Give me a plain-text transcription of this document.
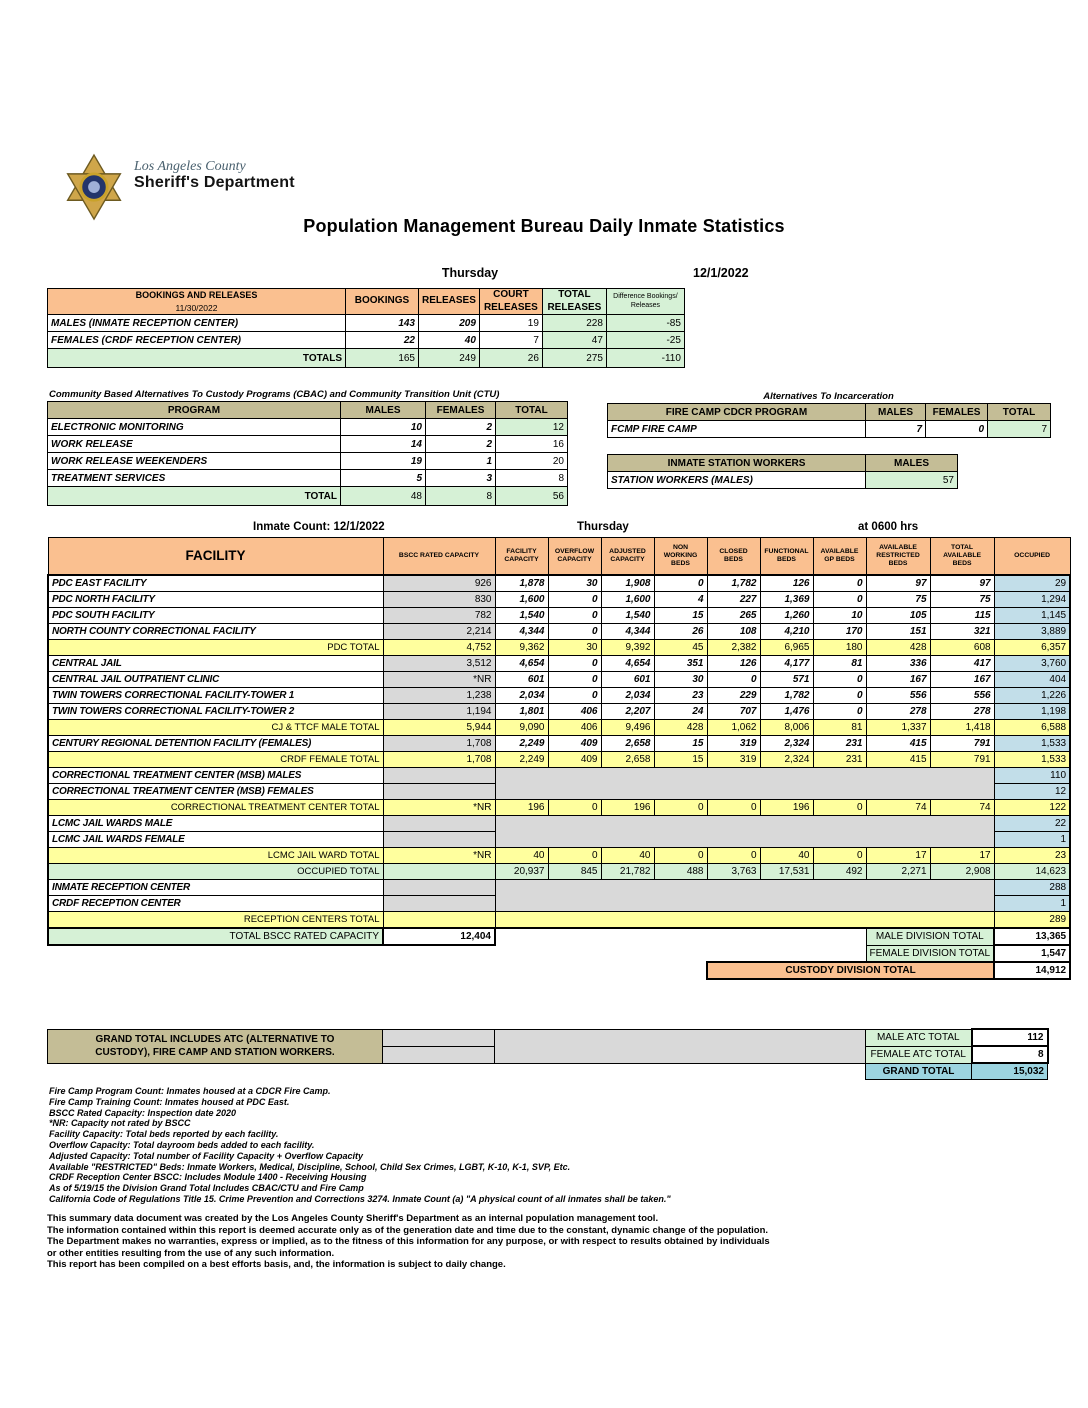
Los Angeles County
Sheriff's Department
Population Management Bureau Daily Inmate Statistics
Thursday	12/1/2022
BOOKINGS AND RELEASES
11/30/2022	BOOKINGS	RELEASES	COURT RELEASES	TOTAL RELEASES	Difference Bookings/ Releases
MALES (INMATE RECEPTION CENTER)	143	209	19	228	-85
FEMALES (CRDF RECEPTION CENTER)	22	40	7	47	-25
TOTALS	165	249	26	275	-110
Community Based Alternatives To Custody Programs (CBAC) and Community Transition Unit (CTU)
PROGRAM	MALES	FEMALES	TOTAL
ELECTRONIC MONITORING	10	2	12
WORK RELEASE	14	2	16
WORK RELEASE WEEKENDERS	19	1	20
TREATMENT SERVICES	5	3	8
TOTAL	48	8	56
Alternatives To Incarceration
FIRE CAMP CDCR PROGRAM	MALES	FEMALES	TOTAL
FCMP FIRE CAMP	7	0	7
INMATE STATION WORKERS	MALES
STATION WORKERS (MALES)	57
Inmate Count: 12/1/2022	Thursday	at 0600 hrs
FACILITY	BSCC RATED CAPACITY	FACILITY CAPACITY	OVERFLOW CAPACITY	ADJUSTED CAPACITY	NON WORKING BEDS	CLOSED BEDS	FUNCTIONAL BEDS	AVAILABLE GP BEDS	AVAILABLE RESTRICTED BEDS	TOTAL AVAILABLE BEDS	OCCUPIED
PDC EAST FACILITY	926	1,878	30	1,908	0	1,782	126	0	97	97	29
PDC NORTH FACILITY	830	1,600	0	1,600	4	227	1,369	0	75	75	1,294
PDC SOUTH FACILITY	782	1,540	0	1,540	15	265	1,260	10	105	115	1,145
NORTH COUNTY CORRECTIONAL FACILITY	2,214	4,344	0	4,344	26	108	4,210	170	151	321	3,889
PDC TOTAL	4,752	9,362	30	9,392	45	2,382	6,965	180	428	608	6,357
CENTRAL JAIL	3,512	4,654	0	4,654	351	126	4,177	81	336	417	3,760
CENTRAL JAIL OUTPATIENT CLINIC	*NR	601	0	601	30	0	571	0	167	167	404
TWIN TOWERS CORRECTIONAL FACILITY-TOWER 1	1,238	2,034	0	2,034	23	229	1,782	0	556	556	1,226
TWIN TOWERS CORRECTIONAL FACILITY-TOWER 2	1,194	1,801	406	2,207	24	707	1,476	0	278	278	1,198
CJ & TTCF MALE TOTAL	5,944	9,090	406	9,496	428	1,062	8,006	81	1,337	1,418	6,588
CENTURY REGIONAL DETENTION FACILITY (FEMALES)	1,708	2,249	409	2,658	15	319	2,324	231	415	791	1,533
CRDF FEMALE TOTAL	1,708	2,249	409	2,658	15	319	2,324	231	415	791	1,533
CORRECTIONAL TREATMENT CENTER (MSB) MALES											110
CORRECTIONAL TREATMENT CENTER (MSB) FEMALES											12
CORRECTIONAL TREATMENT CENTER TOTAL	*NR	196	0	196	0	0	196	0	74	74	122
LCMC JAIL WARDS MALE											22
LCMC JAIL WARDS FEMALE											1
LCMC JAIL WARD TOTAL	*NR	40	0	40	0	0	40	0	17	17	23
OCCUPIED TOTAL		20,937	845	21,782	488	3,763	17,531	492	2,271	2,908	14,623
INMATE RECEPTION CENTER											288
CRDF RECEPTION CENTER											1
RECEPTION CENTERS TOTAL											289
TOTAL BSCC RATED CAPACITY	12,404								MALE DIVISION TOTAL		13,365
									FEMALE DIVISION TOTAL		1,547
						CUSTODY DIVISION TOTAL					14,912
GRAND TOTAL INCLUDES ATC (ALTERNATIVE TO
CUSTODY), FIRE CAMP AND STATION WORKERS.			MALE ATC TOTAL	112
			FEMALE ATC TOTAL	8
			GRAND TOTAL	15,032
Fire Camp Program Count: Inmates housed at a CDCR Fire Camp.
Fire Camp Training Count: Inmates housed at PDC East.
BSCC Rated Capacity: Inspection date 2020
*NR: Capacity not rated by BSCC
Facility Capacity: Total beds reported by each facility.
Overflow Capacity: Total dayroom beds added to each facility.
Adjusted Capacity: Total number of Facility Capacity + Overflow Capacity
Available "RESTRICTED" Beds: Inmate Workers, Medical, Discipline, School, Child Sex Crimes, LGBT, K-10, K-1, SVP, Etc.
CRDF Reception Center BSCC: Includes Module 1400 - Receiving Housing
As of 5/19/15 the Division Grand Total Includes CBAC/CTU and Fire Camp
California Code of Regulations Title 15. Crime Prevention and Corrections 3274. Inmate Count (a) "A physical count of all inmates shall be taken."
This summary data document was created by the Los Angeles County Sheriff's Department as an internal population management tool.
The information contained within this report is deemed accurate only as of the generation date and time due to the constant, dynamic change of the population.
The Department makes no warranties, express or implied, as to the fitness of this information for any purpose, or with respect to results obtained by individuals
or other entities resulting from the use of any such information.
This report has been compiled on a best efforts basis, and, the information is subject to daily change.
